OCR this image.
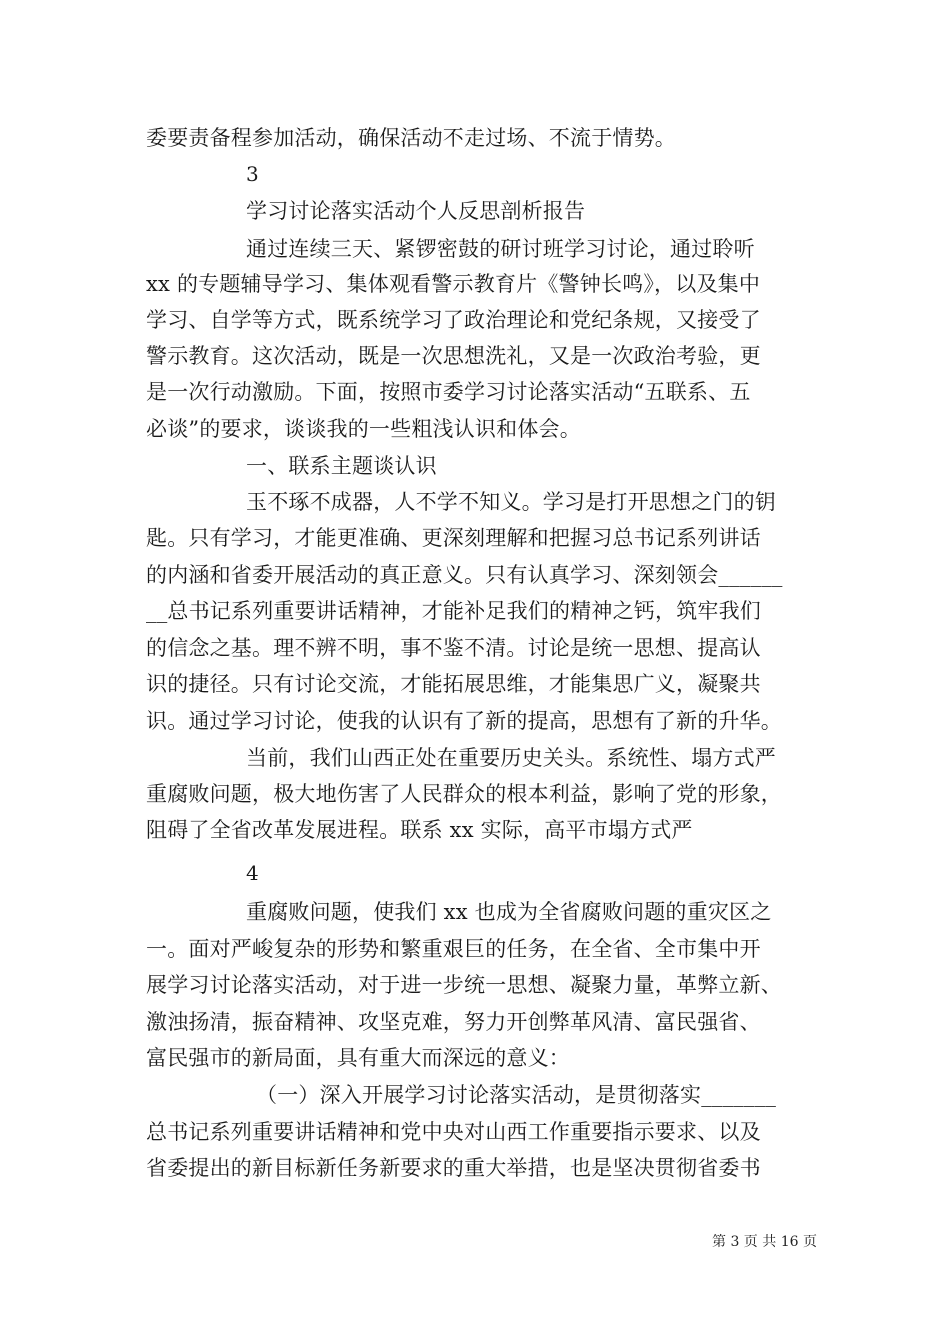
委要责备程参加活动，确保活动不走过场、不流于情势。
3
学习讨论落实活动个人反思剖析报告
通过连续三天、紧锣密鼓的研讨班学习讨论，通过聆听
xx 的专题辅导学习、集体观看警示教育片《警钟长鸣》，以及集中
学习、自学等方式，既系统学习了政治理论和党纪条规，又接受了
警示教育。这次活动，既是一次思想洗礼，又是一次政治考验，更
是一次行动激励。下面，按照市委学习讨论落实活动“五联系、五
必谈”的要求，谈谈我的一些粗浅认识和体会。
一、联系主题谈认识
玉不琢不成器，人不学不知义。学习是打开思想之门的钥
匙。只有学习，才能更准确、更深刻理解和把握习总书记系列讲话
的内涵和省委开展活动的真正意义。只有认真学习、深刻领会______
__总书记系列重要讲话精神，才能补足我们的精神之钙，筑牢我们
的信念之基。理不辨不明，事不鉴不清。讨论是统一思想、提高认
识的捷径。只有讨论交流，才能拓展思维，才能集思广义，凝聚共
识。通过学习讨论，使我的认识有了新的提高，思想有了新的升华。
当前，我们山西正处在重要历史关头。系统性、塌方式严
重腐败问题，极大地伤害了人民群众的根本利益，影响了党的形象，
阻碍了全省改革发展进程。联系 xx 实际，高平市塌方式严
4
重腐败问题，使我们 xx 也成为全省腐败问题的重灾区之
一。面对严峻复杂的形势和繁重艰巨的任务，在全省、全市集中开
展学习讨论落实活动，对于进一步统一思想、凝聚力量，革弊立新、
激浊扬清，振奋精神、攻坚克难，努力开创弊革风清、富民强省、
富民强市的新局面，具有重大而深远的意义：
（一）深入开展学习讨论落实活动，是贯彻落实_______
总书记系列重要讲话精神和党中央对山西工作重要指示要求、以及
省委提出的新目标新任务新要求的重大举措，也是坚决贯彻省委书
第 3 页 共 16 页
